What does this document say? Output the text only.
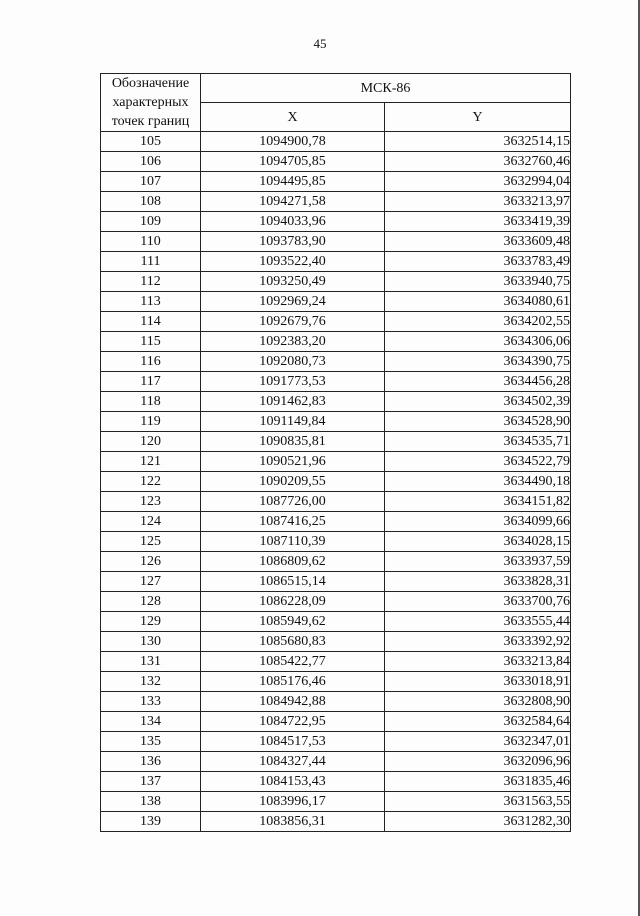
45
Обозначение характерных точек границ	МСК-86	
	X	Y
105	1094900,78	3632514,15
106	1094705,85	3632760,46
107	1094495,85	3632994,04
108	1094271,58	3633213,97
109	1094033,96	3633419,39
110	1093783,90	3633609,48
111	1093522,40	3633783,49
112	1093250,49	3633940,75
113	1092969,24	3634080,61
114	1092679,76	3634202,55
115	1092383,20	3634306,06
116	1092080,73	3634390,75
117	1091773,53	3634456,28
118	1091462,83	3634502,39
119	1091149,84	3634528,90
120	1090835,81	3634535,71
121	1090521,96	3634522,79
122	1090209,55	3634490,18
123	1087726,00	3634151,82
124	1087416,25	3634099,66
125	1087110,39	3634028,15
126	1086809,62	3633937,59
127	1086515,14	3633828,31
128	1086228,09	3633700,76
129	1085949,62	3633555,44
130	1085680,83	3633392,92
131	1085422,77	3633213,84
132	1085176,46	3633018,91
133	1084942,88	3632808,90
134	1084722,95	3632584,64
135	1084517,53	3632347,01
136	1084327,44	3632096,96
137	1084153,43	3631835,46
138	1083996,17	3631563,55
139	1083856,31	3631282,30
